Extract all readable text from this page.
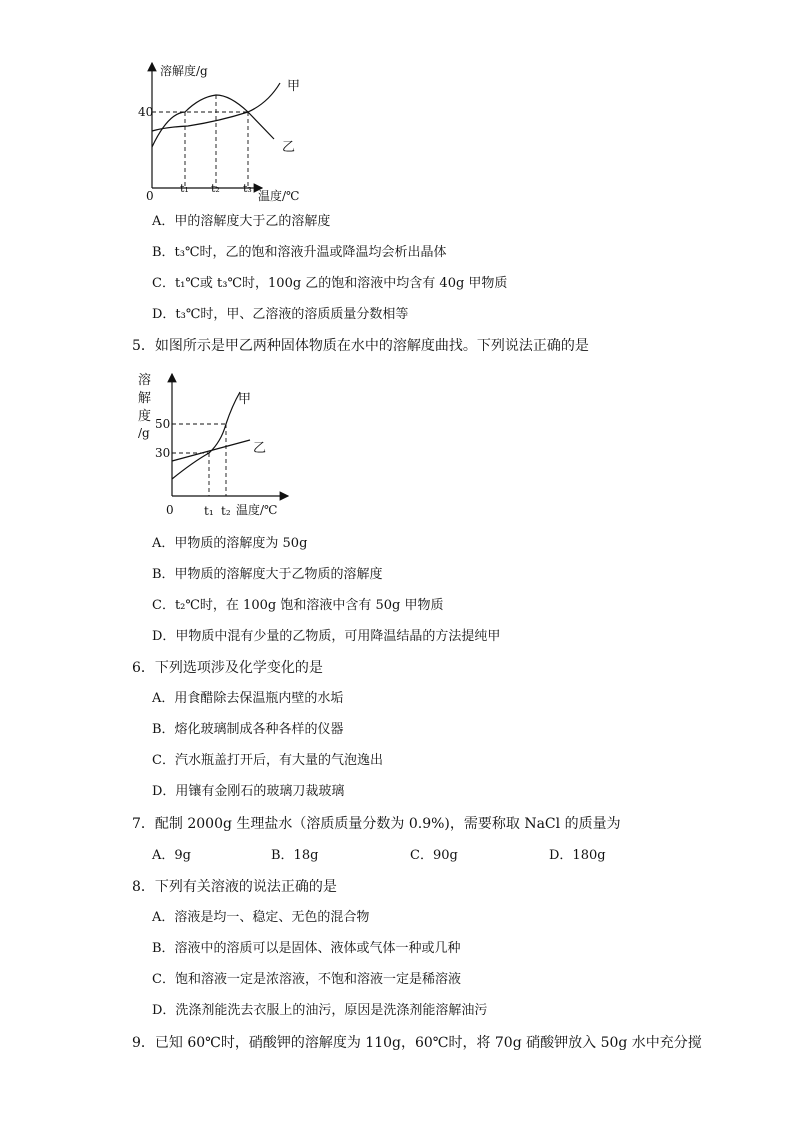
溶解度/g
40
0
t₁ t₂ t₃
温度/℃
甲
乙
A．甲的溶解度大于乙的溶解度
B．t₃℃时，乙的饱和溶液升温或降温均会析出晶体
C．t₁℃或 t₃℃时，100g 乙的饱和溶液中均含有 40g 甲物质
D．t₃℃时，甲、乙溶液的溶质质量分数相等
5．如图所示是甲乙两种固体物质在水中的溶解度曲找。下列说法正确的是
溶
解
度
/g
50
30
0	t₁ t₂ 温度/℃
甲
乙
A．甲物质的溶解度为 50g
B．甲物质的溶解度大于乙物质的溶解度
C．t₂℃时，在 100g 饱和溶液中含有 50g 甲物质
D．甲物质中混有少量的乙物质，可用降温结晶的方法提纯甲
6．下列选项涉及化学变化的是
A．用食醋除去保温瓶内壁的水垢
B．熔化玻璃制成各种各样的仪器
C．汽水瓶盖打开后，有大量的气泡逸出
D．用镶有金刚石的玻璃刀裁玻璃
7．配制 2000g 生理盐水（溶质质量分数为 0.9%)，需要称取 NaCl 的质量为
A．9g	B．18g	C．90g	D．180g
8．下列有关溶液的说法正确的是
A．溶液是均一、稳定、无色的混合物
B．溶液中的溶质可以是固体、液体或气体一种或几种
C．饱和溶液一定是浓溶液，不饱和溶液一定是稀溶液
D．洗涤剂能洗去衣服上的油污，原因是洗涤剂能溶解油污
9．已知 60℃时，硝酸钾的溶解度为 110g，60℃时，将 70g 硝酸钾放入 50g 水中充分搅
